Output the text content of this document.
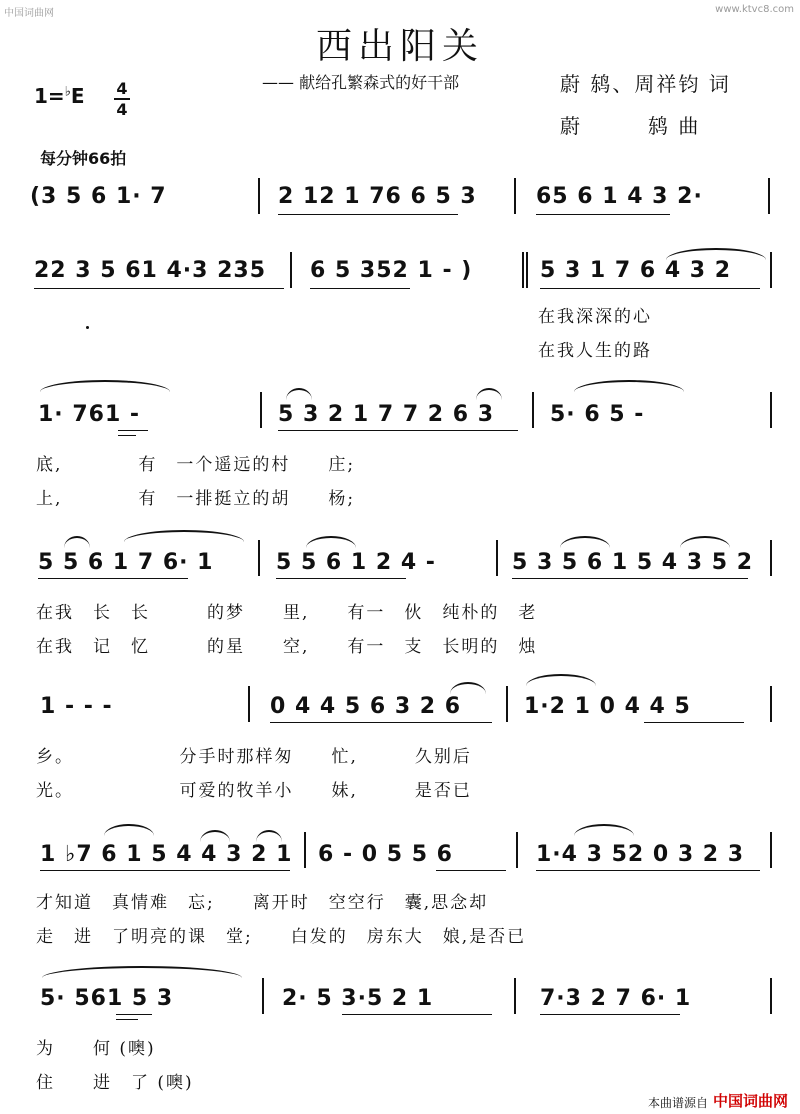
中国词曲网	www.ktvc8.com
西出阳关
—— 献给孔繁森式的好干部	蔚 鸫、周祥钧 词
蔚　　　鸫 曲
1=♭E 4
4
每分钟66拍
(3 5 6 1· 7	2 12 1 76 6 5 3	65 6 1 4 3 2·
22 3 5 61 4·3 235 6 5 352 1 - )	5 3 1 7 6 4 3 2
在我深深的心
在我人生的路
1· 761 -	5 3 2 1 7 7 2 6 3	5· 6 5 -
底,　　　　有　一个遥远的村　　庄;
上,　　　　有　一排挺立的胡　　杨;
5 5 6 1 7 6· 1	5 5 6 1 2 4 -	5 3 5 6 1 5 4 3 5 2
在我　长　长　　　的梦　　里,　　有一　伙　纯朴的　老
在我　记　忆　　　的星　　空,　　有一　支　长明的　烛
1 - - -	0 4 4 5 6 3 2 6	1·2 1 0 4 4 5
乡。　　　　　　分手时那样匆　　忙,　　　久别后
光。　　　　　　可爱的牧羊小　　妹,　　　是否已
1 ♭7 6 1 5 4 4 3 2 1 6 - 0 5 5 6	1·4 3 52 0 3 2 3
才知道　真情难　忘;　　离开时　空空行　囊,思念却
走　进　了明亮的课　堂;　　白发的　房东大　娘,是否已
5· 561 5 3	2· 5 3·5 2 1	7·3 2 7 6· 1
为　　何 (噢)
住　　进　了 (噢)
本曲谱源自 中国词曲网
